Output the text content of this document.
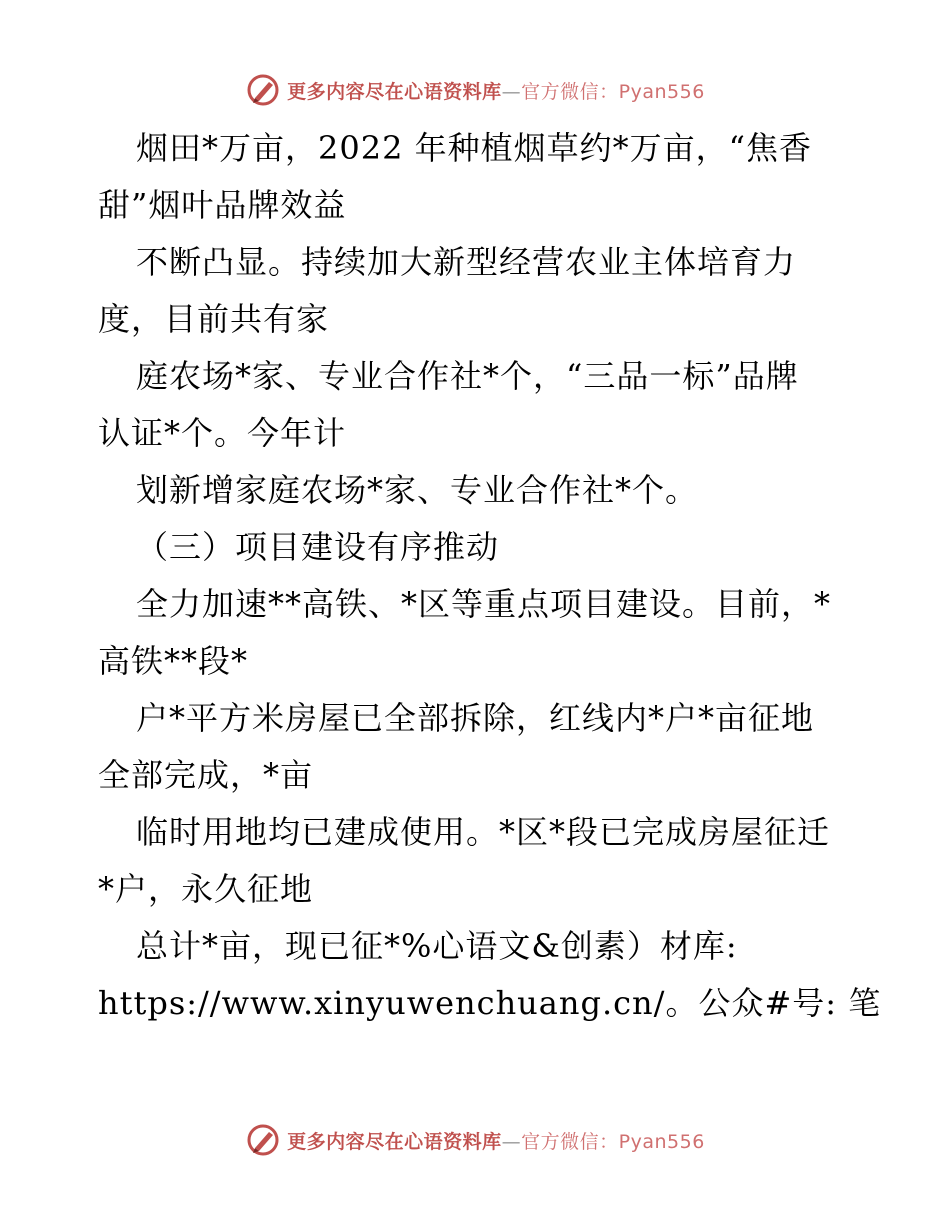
更多内容尽在心语资料库—官方微信：Pyan556
烟田*万亩，2022 年种植烟草约*万亩，“焦香
甜”烟叶品牌效益
不断凸显。持续加大新型经营农业主体培育力
度，目前共有家
庭农场*家、专业合作社*个，“三品一标”品牌
认证*个。今年计
划新增家庭农场*家、专业合作社*个。
（三）项目建设有序推动
全力加速**高铁、*区等重点项目建设。目前，*
高铁**段*
户*平方米房屋已全部拆除，红线内*户*亩征地
全部完成，*亩
临时用地均已建成使用。*区*段已完成房屋征迁
*户，永久征地
总计*亩，现已征*%心语文&创素）材库:
https://www.xinyuwenchuang.cn/。公众#号: 笔
更多内容尽在心语资料库—官方微信：Pyan556
